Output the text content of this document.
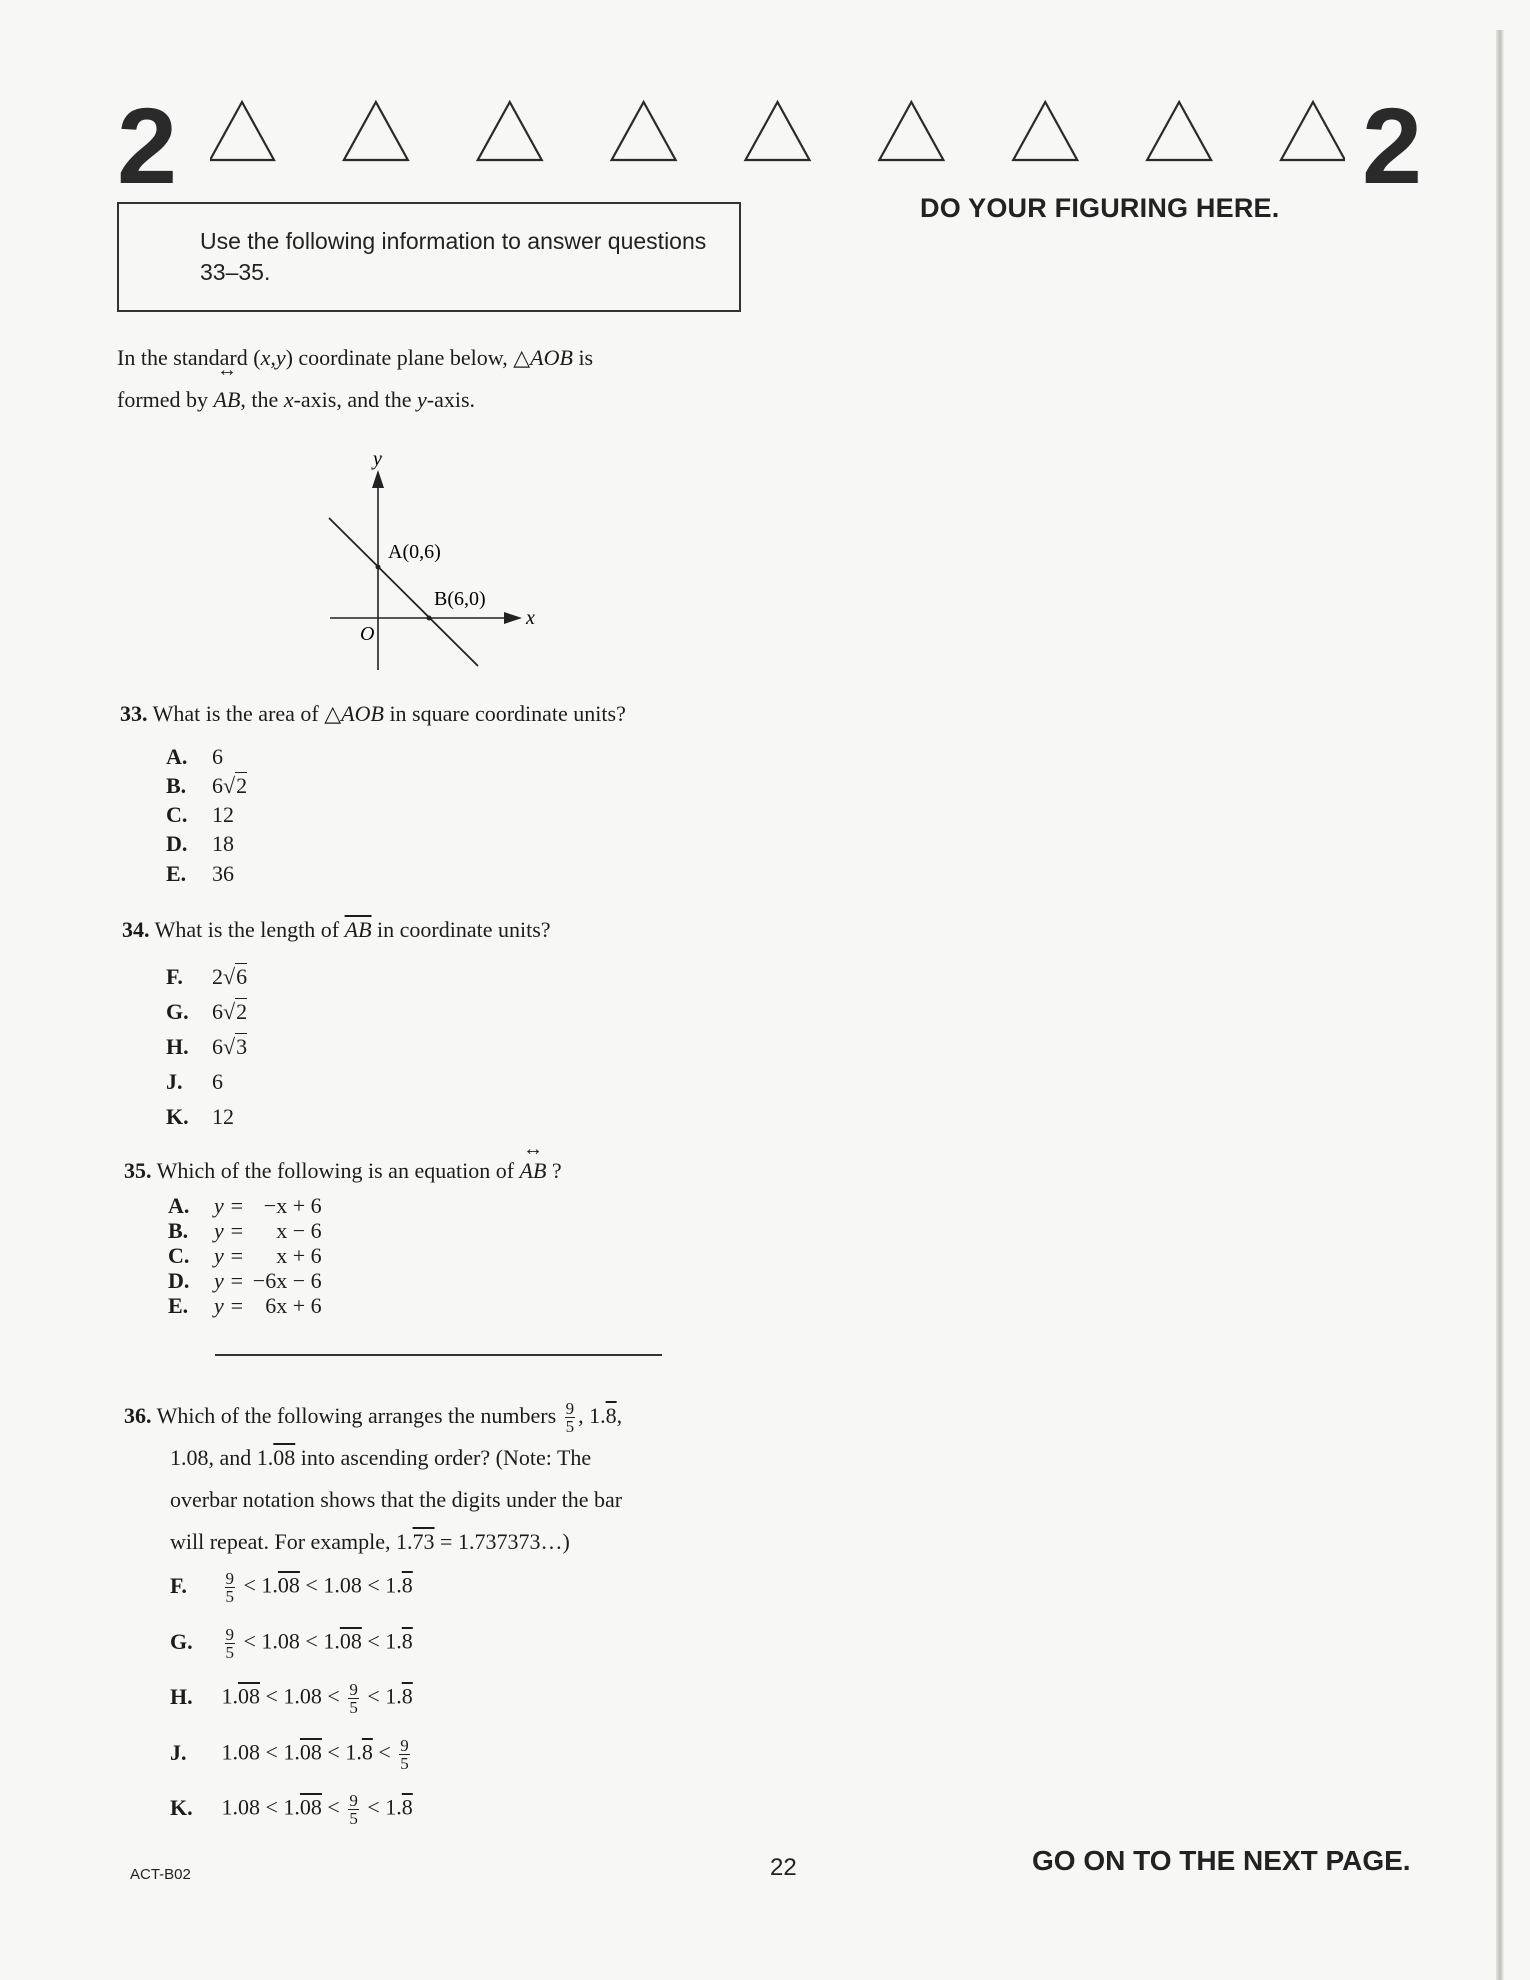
2	2
DO YOUR FIGURING HERE.
Use the following information to answer questions 33–35.
In the standard (x,y) coordinate plane below, △AOB is
formed by ↔ AB, the x-axis, and the y-axis.
y
x
O
A(0,6)
B(6,0)
33. What is the area of △AOB in square coordinate units?
A. 6
B. 6√2
C. 12
D. 18
E. 36
34. What is the length of $\overline{AB}$ in coordinate units?
F. 2√6
G. 6√2
H. 6√3
J. 6
K. 12
35. Which of the following is an equation of ↔ AB ?
A. y = −x + 6
B. y = x − 6
C. y = x + 6
D. y = −6x − 6
E. y = 6x + 6
36. Which of the following arranges the numbers $\frac{9}{5}$ , 1.8,
1.08, and 1.08 into ascending order? (Note: The
overbar notation shows that the digits under the bar
will repeat. For example, 1.73 = 1.737373…)
F. $\frac{9}{5} < 1.08 < 1.08 < 1.8$
G. $\frac{9}{5} < 1.08 < 1.08 < 1.8$
H. $1.08 < 1.08 < \frac{9}{5} < 1.8$
J. $1.08 < 1.08 < 1.8 < \frac{9}{5}$
K. $1.08 < 1.08 < \frac{9}{5} < 1.8$
ACT-B02	22	GO ON TO THE NEXT PAGE.
